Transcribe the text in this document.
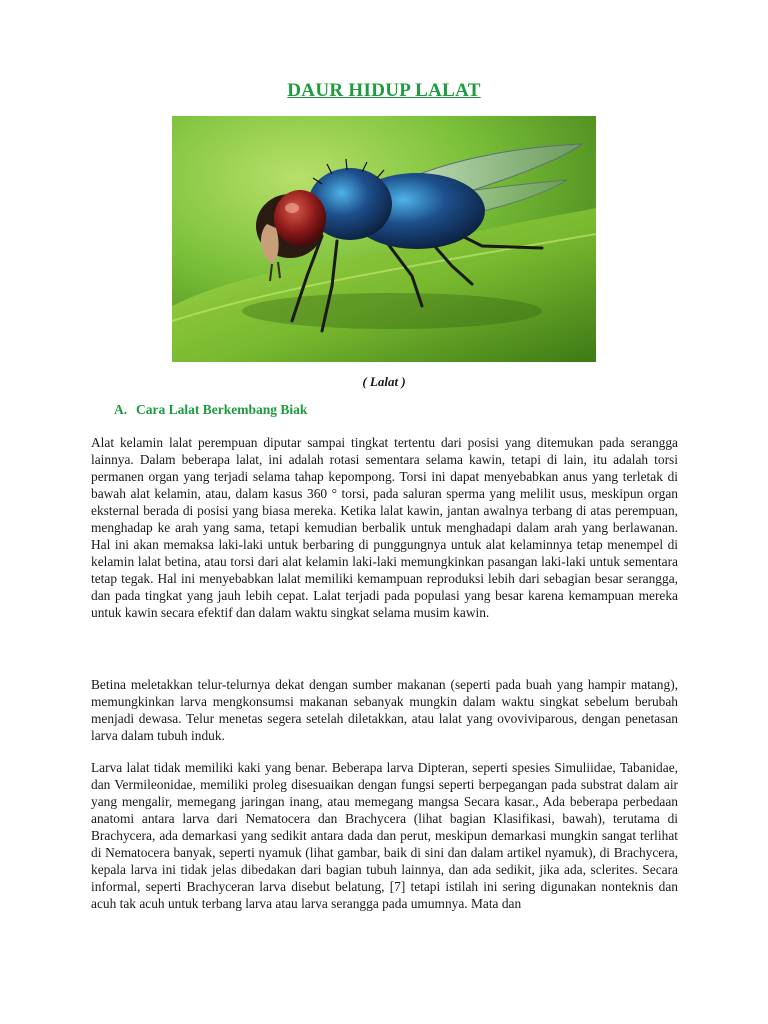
DAUR HIDUP LALAT
( Lalat )
A. Cara Lalat Berkembang Biak

Alat kelamin lalat perempuan diputar sampai tingkat tertentu dari posisi yang ditemukan pada serangga lainnya. Dalam beberapa lalat, ini adalah rotasi sementara selama kawin, tetapi di lain, itu adalah torsi permanen organ yang terjadi selama tahap kepompong. Torsi ini dapat menyebabkan anus yang terletak di bawah alat kelamin, atau, dalam kasus 360 ° torsi, pada saluran sperma yang melilit usus, meskipun organ eksternal berada di posisi yang biasa mereka. Ketika lalat kawin, jantan awalnya terbang di atas perempuan, menghadap ke arah yang sama, tetapi kemudian berbalik untuk menghadapi dalam arah yang berlawanan. Hal ini akan memaksa laki-laki untuk berbaring di punggungnya untuk alat kelaminnya tetap menempel di kelamin lalat betina, atau torsi dari alat kelamin laki-laki memungkinkan pasangan laki-laki untuk sementara tetap tegak. Hal ini menyebabkan lalat memiliki kemampuan reproduksi lebih dari sebagian besar serangga, dan pada tingkat yang jauh lebih cepat. Lalat terjadi pada populasi yang besar karena kemampuan mereka untuk kawin secara efektif dan dalam waktu singkat selama musim kawin.

Betina meletakkan telur-telurnya dekat dengan sumber makanan (seperti pada buah yang hampir matang), memungkinkan larva mengkonsumsi makanan sebanyak mungkin dalam waktu singkat sebelum berubah menjadi dewasa. Telur menetas segera setelah diletakkan, atau lalat yang ovoviviparous, dengan penetasan larva dalam tubuh induk.

Larva lalat tidak memiliki kaki yang benar. Beberapa larva Dipteran, seperti spesies Simuliidae, Tabanidae, dan Vermileonidae, memiliki proleg disesuaikan dengan fungsi seperti berpegangan pada substrat dalam air yang mengalir, memegang jaringan inang, atau memegang mangsa Secara kasar., Ada beberapa perbedaan anatomi antara larva dari Nematocera dan Brachycera (lihat bagian Klasifikasi, bawah), terutama di Brachycera, ada demarkasi yang sedikit antara dada dan perut, meskipun demarkasi mungkin sangat terlihat di Nematocera banyak, seperti nyamuk (lihat gambar, baik di sini dan dalam artikel nyamuk), di Brachycera, kepala larva ini tidak jelas dibedakan dari bagian tubuh lainnya, dan ada sedikit, jika ada, sclerites. Secara informal, seperti Brachyceran larva disebut belatung, [7] tetapi istilah ini sering digunakan nonteknis dan acuh tak acuh untuk terbang larva atau larva serangga pada umumnya. Mata dan
